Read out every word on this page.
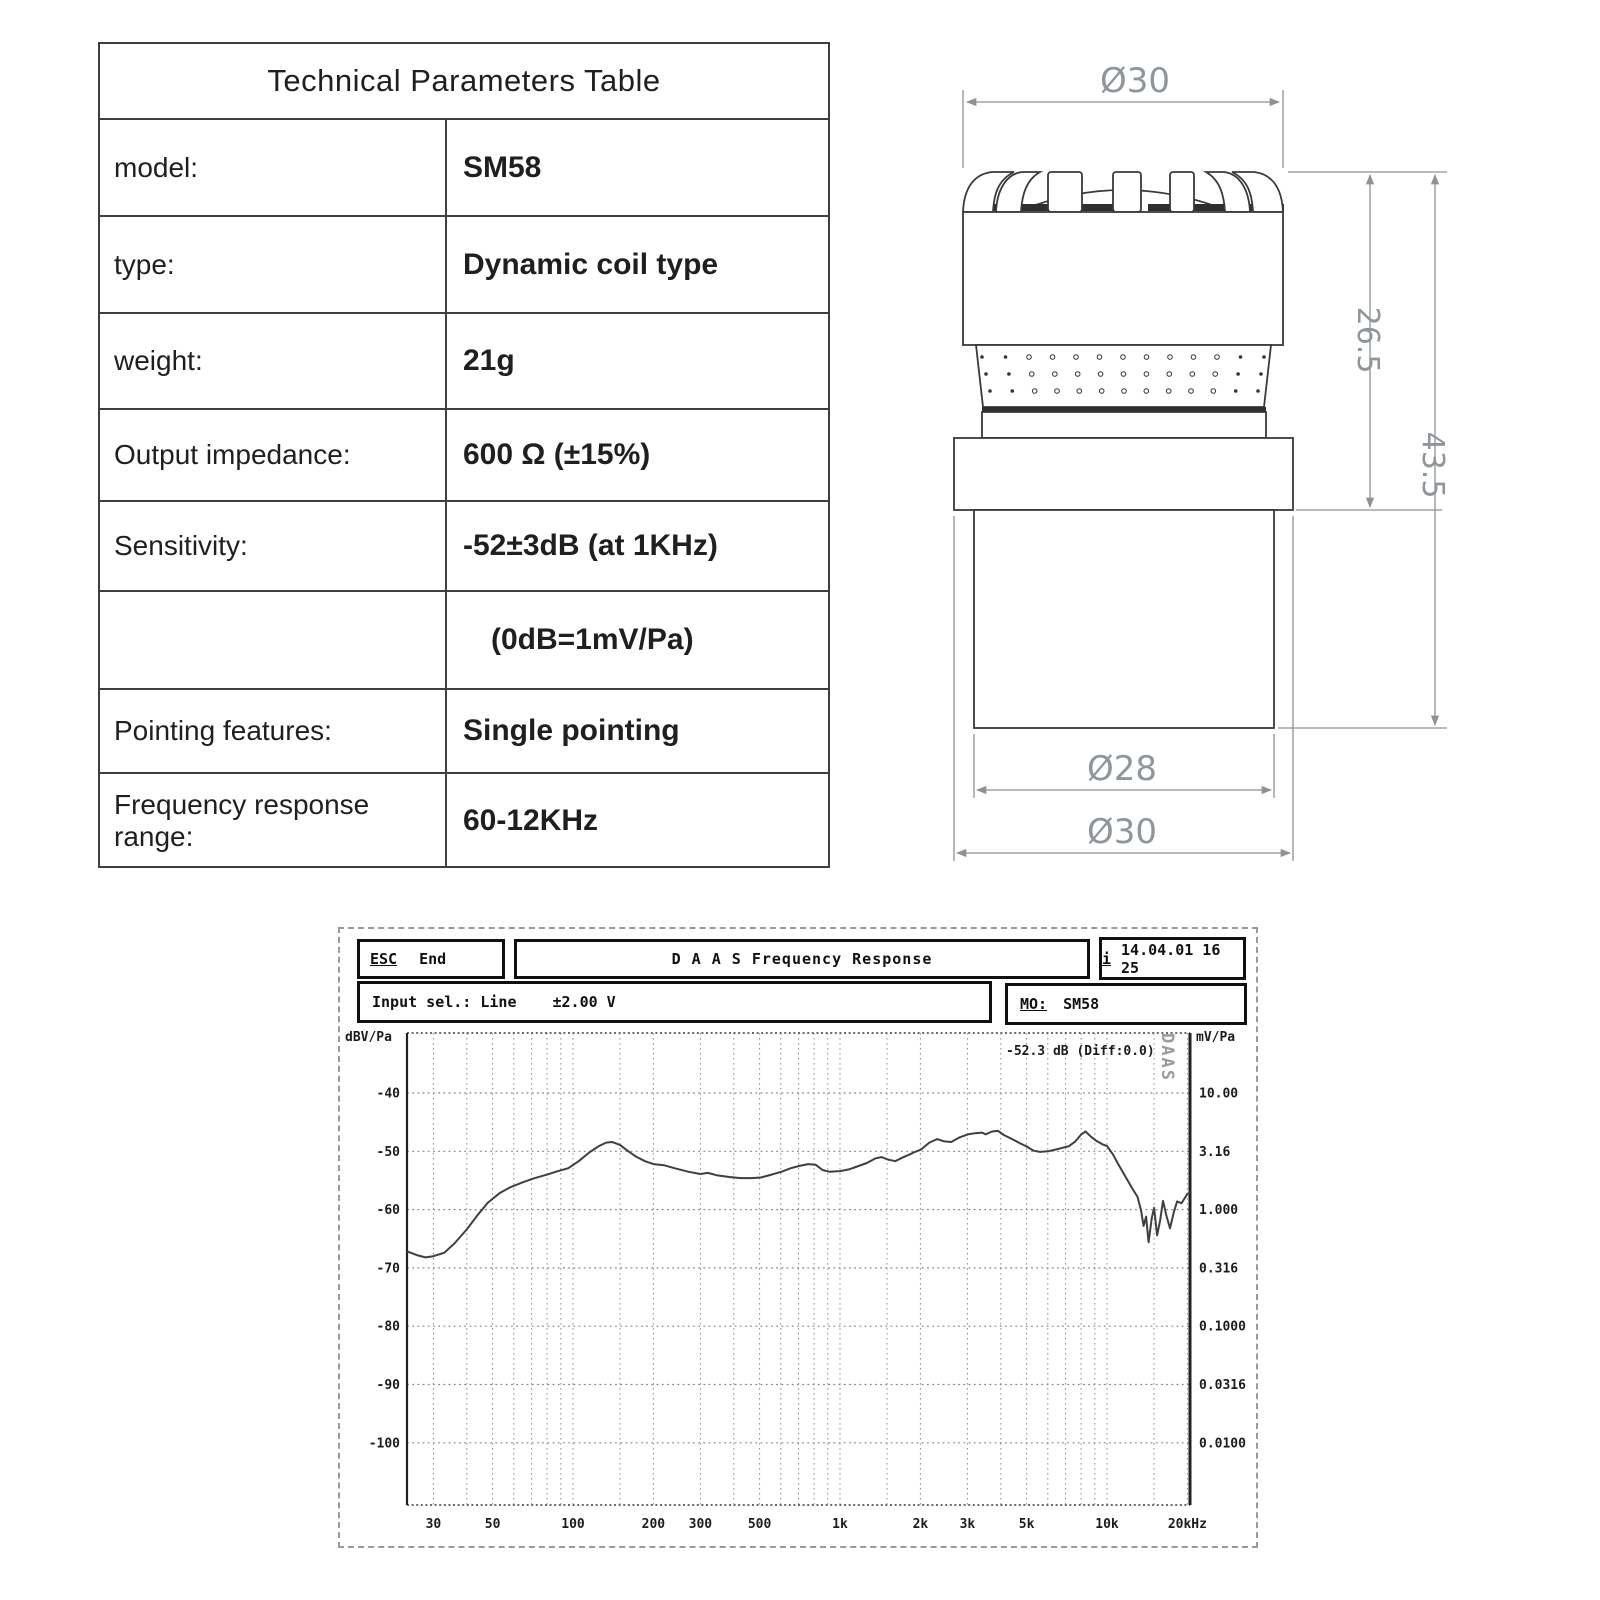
Technical Parameters Table
model:	SM58
type:	Dynamic coil type
weight:	21g
Output impedance:	600 Ω (±15%)
Sensitivity:	-52±3dB (at 1KHz)
(0dB=1mV/Pa)
Pointing features:	Single pointing
Frequency response range:	60-12KHz
Ø30
26.5
43.5
Ø28
Ø30
ESC End	D A A S Frequency Response	i 14.04.01 16 25
Input sel.: Line ±2.00 V	MO: SM58
-40
-50
-60
-70
-80
-90
-100
10.00
3.16
1.000
0.316
0.1000
0.0316
0.0100
30	50	100	200 300	500	1k	2k 3k	5k	10k	20kHz
dBV/Pa	mV/Pa
-52.3 dB (Diff:0.0) DAAS
